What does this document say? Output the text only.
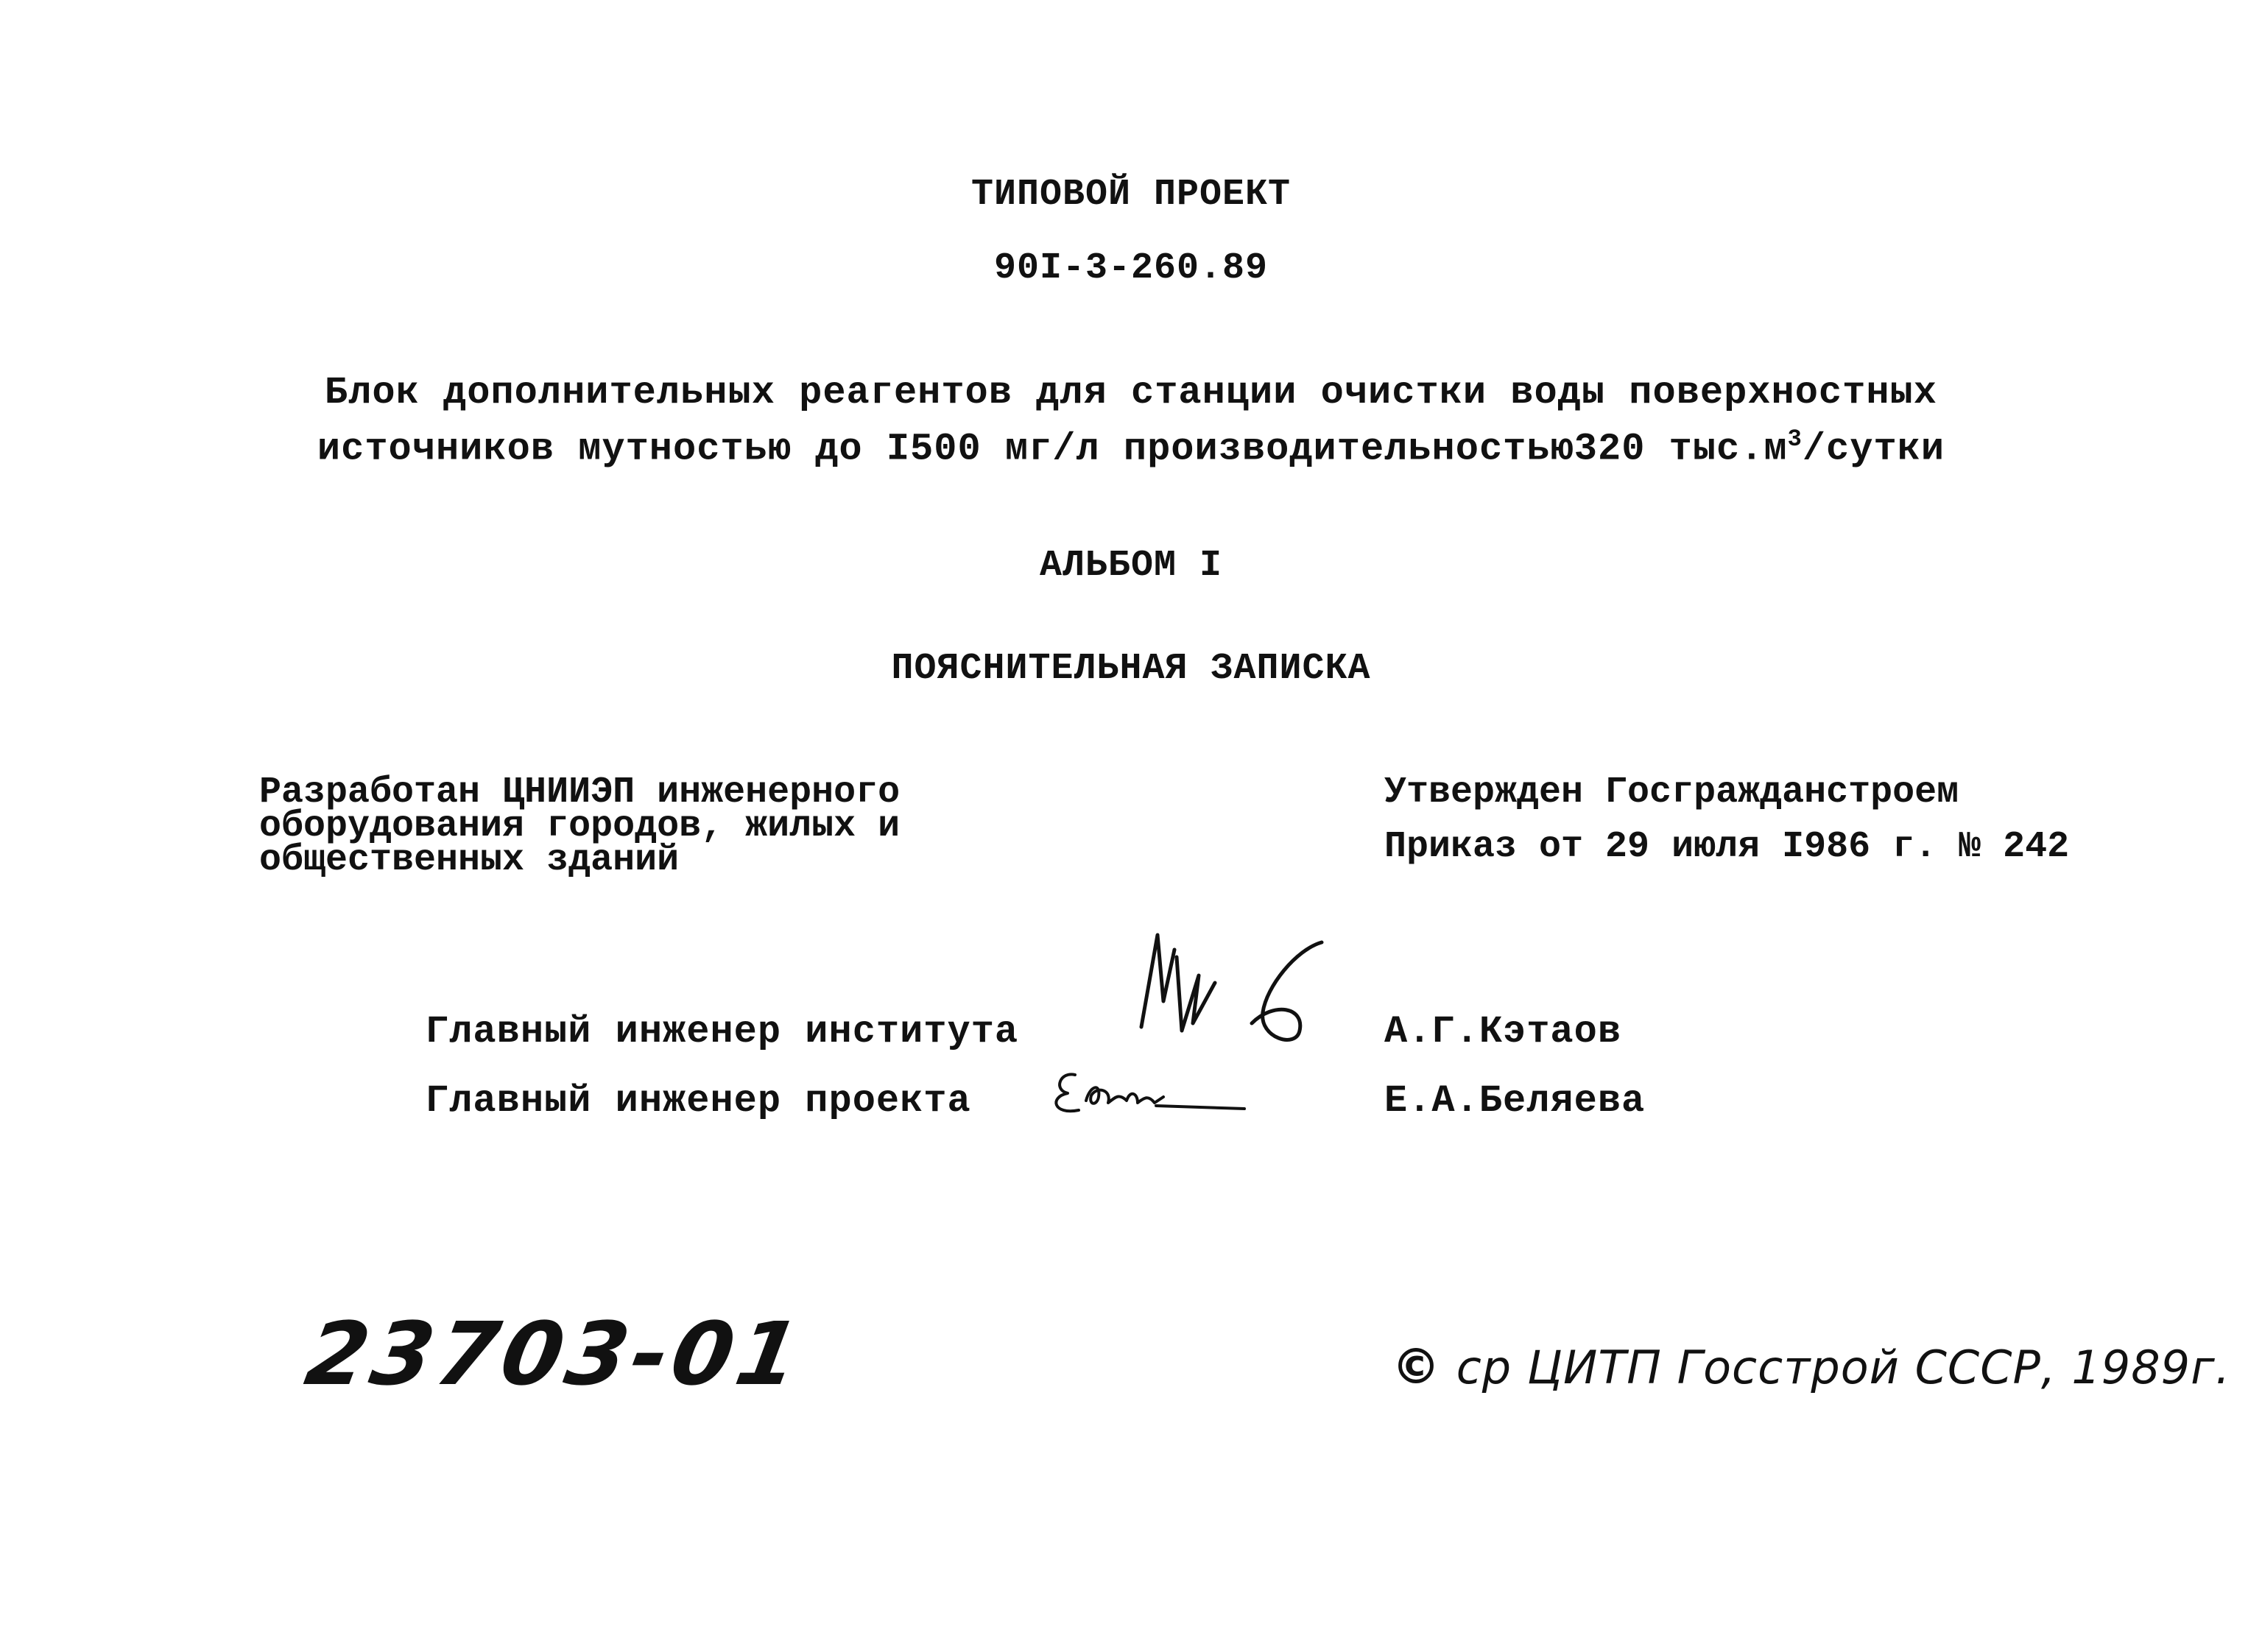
ТИПОВОЙ ПРОЕКТ
90I-3-260.89
Блок дополнительных реагентов для станции очистки воды поверхностных
источников мутностью до I500 мг/л производительностью320 $тыс.м^3$/сутки
АЛЬБОМ I
ПОЯСНИТЕЛЬНАЯ ЗАПИСКА
Разработан ЦНИИЭП инженерного
оборудования городов, жилых и
общественных зданий
Утвержден Госгражданстроем
Приказ от 29 июля I986 г. № 242
Главный инженер института	А.Г.Кэтаов
Главный инженер проекта	Е.А.Беляева
23703-01	© ср ЦИТП Госстрой СССР, 1989г.
